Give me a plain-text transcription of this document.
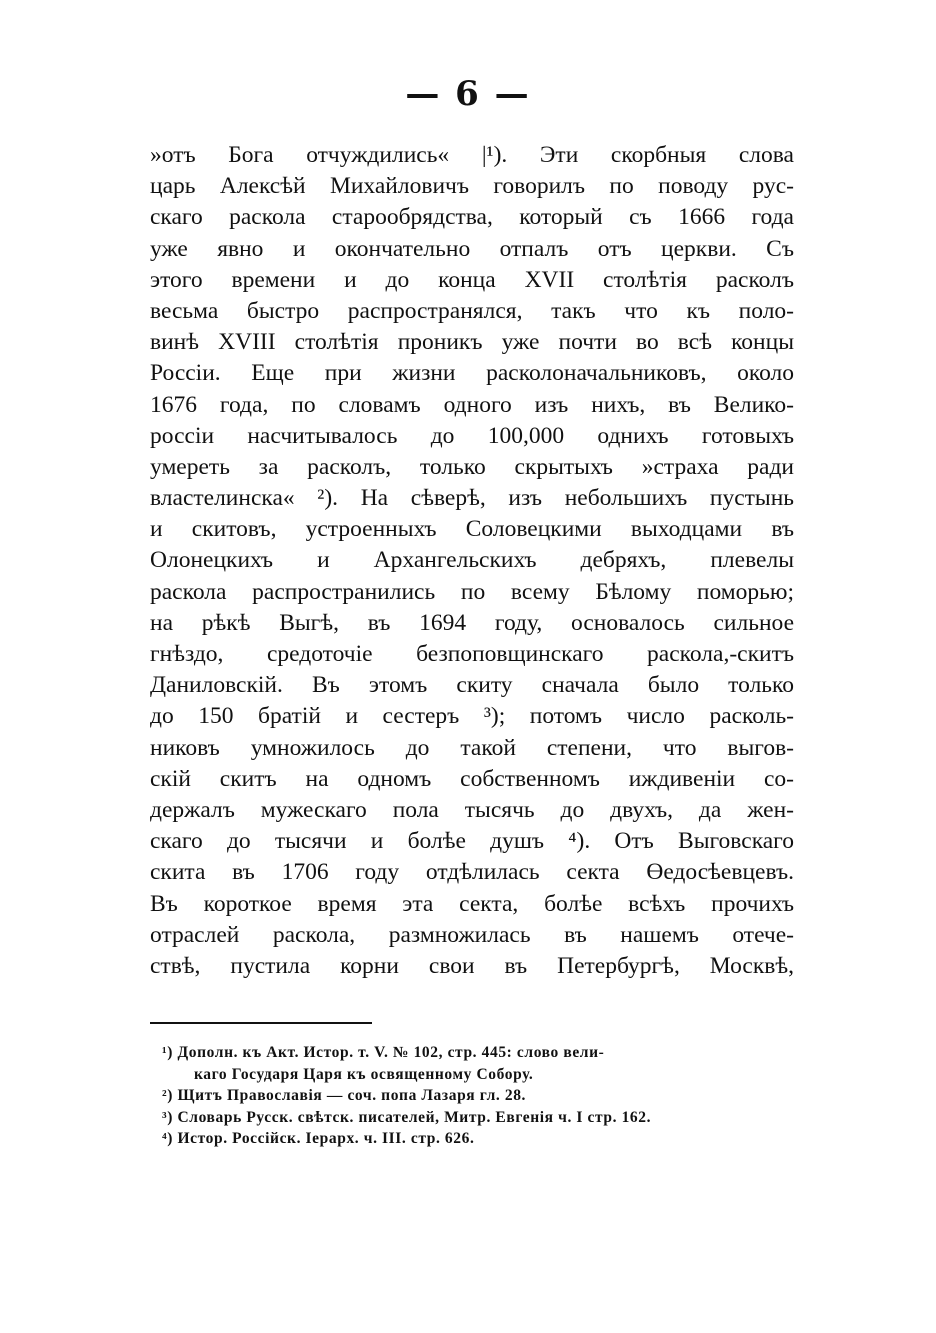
— 6 —
»отъ Бога отчуждились« |¹). Эти скорбныя слова
царь Алексѣй Михайловичъ говорилъ по поводу рус-
скаго раскола старообрядства, который съ 1666 года
уже явно и окончательно отпалъ отъ церкви. Съ
этого времени и до конца XVII столѣтія расколъ
весьма быстро распространялся, такъ что къ поло-
винѣ XVIII столѣтія проникъ уже почти во всѣ концы
Россіи. Еще при жизни расколоначальниковъ, около
1676 года, по словамъ одного изъ нихъ, въ Велико-
россіи насчитывалось до 100,000 однихъ готовыхъ
умереть за расколъ, только скрытыхъ »страха ради
властелинска« ²). На сѣверѣ, изъ небольшихъ пустынь
и скитовъ, устроенныхъ Соловецкими выходцами въ
Олонецкихъ и Архангельскихъ дебряхъ, плевелы
раскола распространились по всему Бѣлому поморью;
на рѣкѣ Выгѣ, въ 1694 году, основалось сильное
гнѣздо, средоточіе безпоповщинскаго раскола,-скитъ
Даниловскій. Въ этомъ скиту сначала было только
до 150 братій и сестеръ ³); потомъ число расколь-
никовъ умножилось до такой степени, что выгов-
скій скитъ на одномъ собственномъ иждивеніи со-
держалъ мужескаго пола тысячь до двухъ, да жен-
скаго до тысячи и болѣе душъ ⁴). Отъ Выговскаго
скита въ 1706 году отдѣлилась секта Өедосѣевцевъ.
Въ короткое время эта секта, болѣе всѣхъ прочихъ
отраслей раскола, размножилась въ нашемъ отече-
ствѣ, пустила корни свои въ Петербургѣ, Москвѣ,
¹) Дополн. къ Акт. Истор. т. V. № 102, стр. 445: слово вели-
каго Государя Царя къ освященному Собору.
²) Щитъ Православія — соч. попа Лазаря гл. 28.
³) Словарь Русск. свѣтск. писателей, Митр. Евгенія ч. I стр. 162.
⁴) Истор. Россійск. Іерарх. ч. III. стр. 626.
